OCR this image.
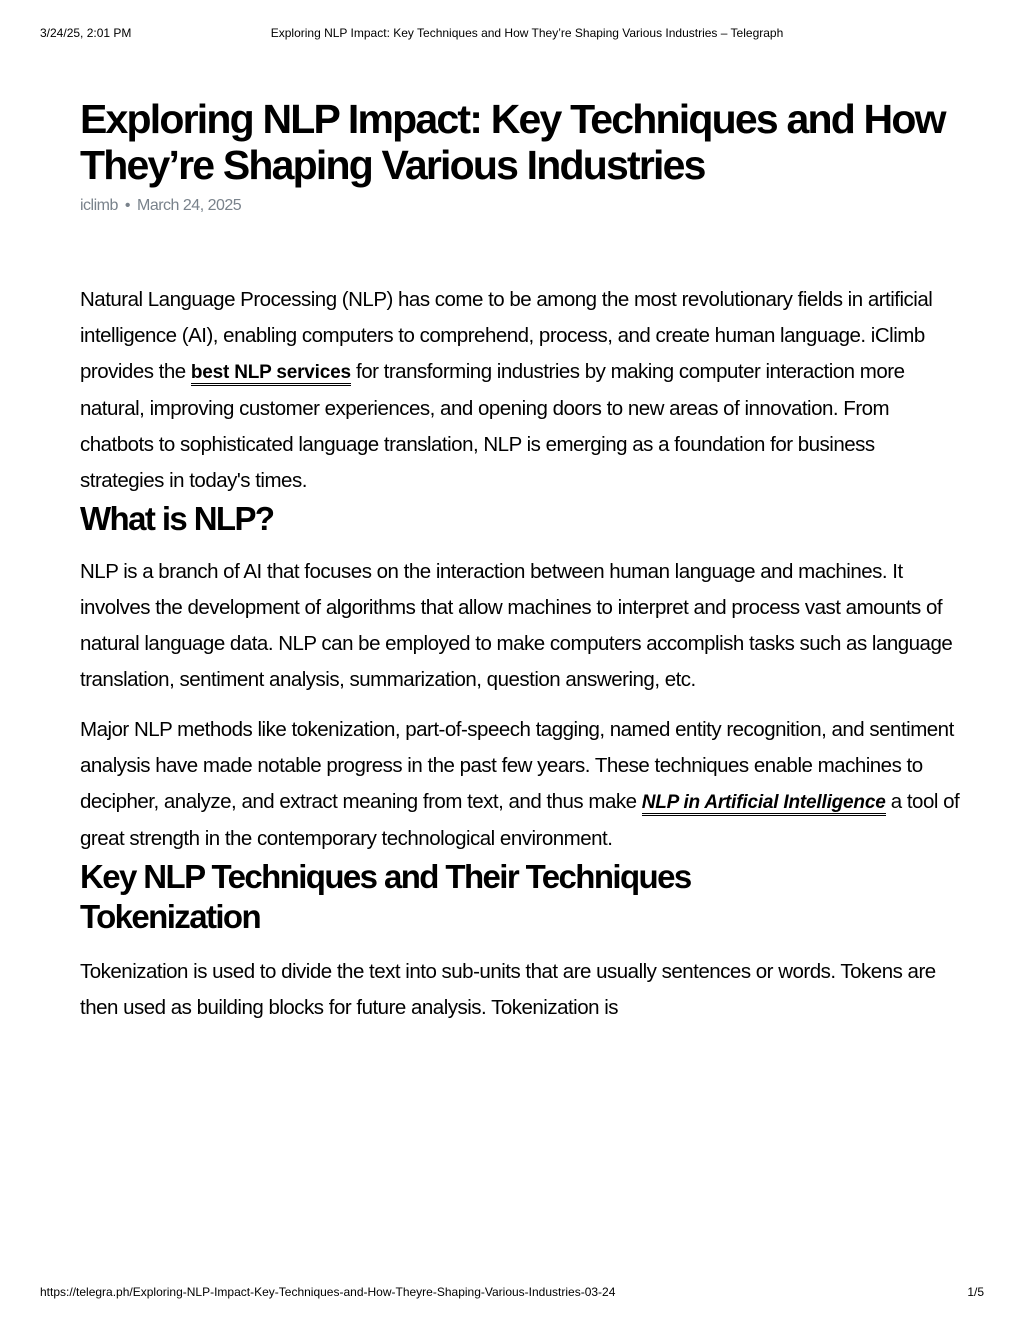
3/24/25, 2:01 PM	Exploring NLP Impact: Key Techniques and How They’re Shaping Various Industries – Telegraph
Exploring NLP Impact: Key Techniques and How They’re Shaping Various Industries
iclimb • March 24, 2025

Natural Language Processing (NLP) has come to be among the most revolutionary fields in artificial intelligence (AI), enabling computers to comprehend, process, and create human language. iClimb provides the best NLP services for transforming industries by making computer interaction more natural, improving customer experiences, and opening doors to new areas of innovation. From chatbots to sophisticated language translation, NLP is emerging as a foundation for business strategies in today's times.

What is NLP?

NLP is a branch of AI that focuses on the interaction between human language and machines. It involves the development of algorithms that allow machines to interpret and process vast amounts of natural language data. NLP can be employed to make computers accomplish tasks such as language translation, sentiment analysis, summarization, question answering, etc.

Major NLP methods like tokenization, part-of-speech tagging, named entity recognition, and sentiment analysis have made notable progress in the past few years. These techniques enable machines to decipher, analyze, and extract meaning from text, and thus make NLP in Artificial Intelligence a tool of great strength in the contemporary technological environment.

Key NLP Techniques and Their Techniques
Tokenization

Tokenization is used to divide the text into sub-units that are usually sentences or words. Tokens are then used as building blocks for future analysis. Tokenization is

https://telegra.ph/Exploring-NLP-Impact-Key-Techniques-and-How-Theyre-Shaping-Various-Industries-03-24	1/5
